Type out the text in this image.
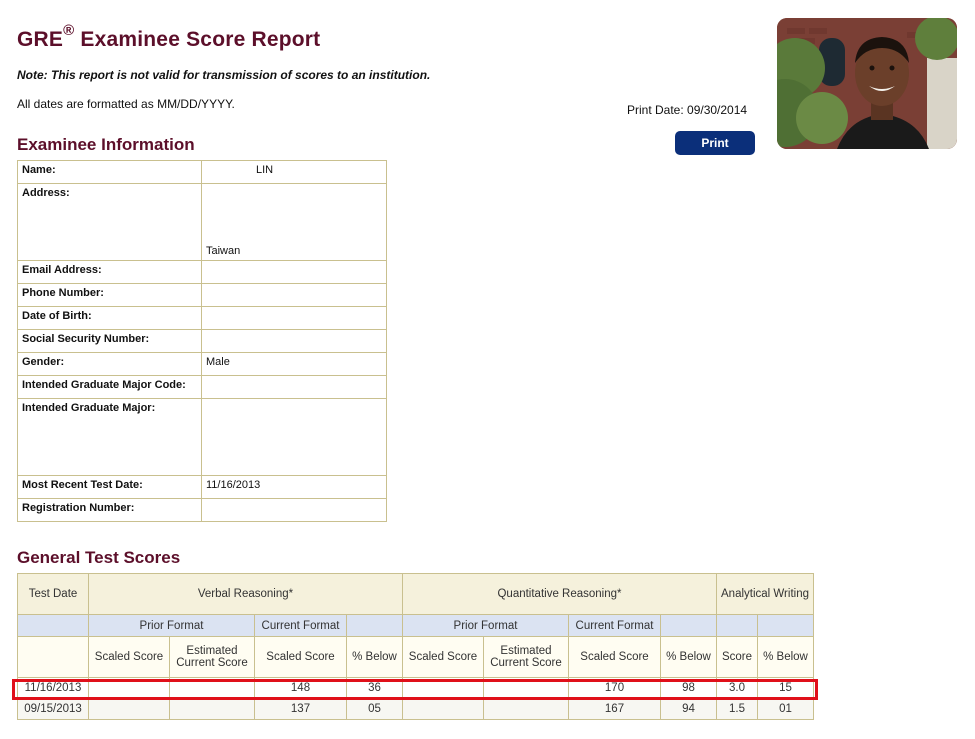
GRE® Examinee Score Report
Note: This report is not valid for transmission of scores to an institution.
All dates are formatted as MM/DD/YYYY.	Print Date: 09/30/2014
Print
Examinee Information
Name:	LIN
Address:	Taiwan
Email Address:	
Phone Number:	
Date of Birth:	
Social Security Number:	
Gender:	Male
Intended Graduate Major Code:	
Intended Graduate Major:	
Most Recent Test Date:	11/16/2013
Registration Number:	
General Test Scores
Test Date	Verbal Reasoning*				Quantitative Reasoning*				Analytical Writing	
	Prior Format		Current Format		Prior Format		Current Format			
	Scaled Score	Estimated Current Score	Scaled Score	% Below	Scaled Score	Estimated Current Score	Scaled Score	% Below	Score	% Below
11/16/2013			148	36			170	98	3.0	15
09/15/2013			137	05			167	94	1.5	01
